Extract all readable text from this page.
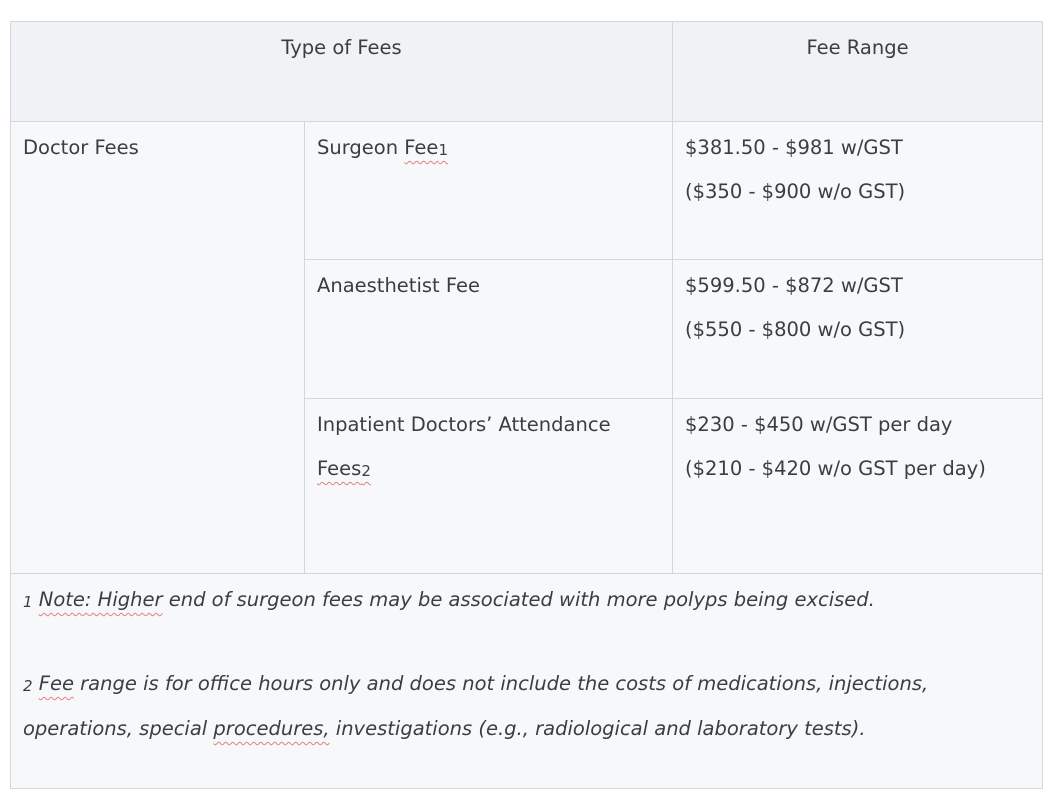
Type of Fees		Fee Range
Doctor Fees	Surgeon Fee1	$381.50 - $981 w/GST
($350 - $900 w/o GST)

	Anaesthetist Fee	$599.50 - $872 w/GST
($550 - $800 w/o GST)

	Inpatient Doctors’ Attendance
Fees2	$230 - $450 w/GST per day
($210 - $420 w/o GST per day)

1 Note: Higher end of surgeon fees may be associated with more polyps being excised.
2 Fee range is for office hours only and does not include the costs of medications, injections,
operations, special procedures, investigations (e.g., radiological and laboratory tests).		
